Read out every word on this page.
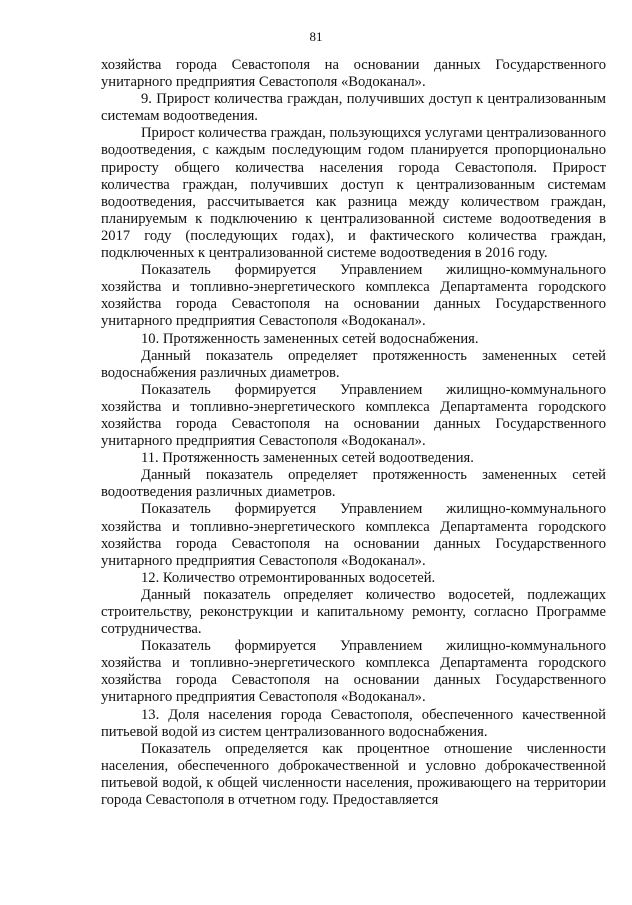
81

хозяйства города Севастополя на основании данных Государственного унитарного предприятия Севастополя «Водоканал».

9. Прирост количества граждан, получивших доступ к централизованным системам водоотведения.

Прирост количества граждан, пользующихся услугами централизованного водоотведения, с каждым последующим годом планируется пропорционально приросту общего количества населения города Севастополя. Прирост количества граждан, получивших доступ к централизованным системам водоотведения, рассчитывается как разница между количеством граждан, планируемым к подключению к централизованной системе водоотведения в 2017 году (последующих годах), и фактического количества граждан, подключенных к централизованной системе водоотведения в 2016 году.

Показатель формируется Управлением жилищно-коммунального хозяйства и топливно-энергетического комплекса Департамента городского хозяйства города Севастополя на основании данных Государственного унитарного предприятия Севастополя «Водоканал».

10. Протяженность замененных сетей водоснабжения.

Данный показатель определяет протяженность замененных сетей водоснабжения различных диаметров.

Показатель формируется Управлением жилищно-коммунального хозяйства и топливно-энергетического комплекса Департамента городского хозяйства города Севастополя на основании данных Государственного унитарного предприятия Севастополя «Водоканал».

11. Протяженность замененных сетей водоотведения.

Данный показатель определяет протяженность замененных сетей водоотведения различных диаметров.

Показатель формируется Управлением жилищно-коммунального хозяйства и топливно-энергетического комплекса Департамента городского хозяйства города Севастополя на основании данных Государственного унитарного предприятия Севастополя «Водоканал».

12. Количество отремонтированных водосетей.

Данный показатель определяет количество водосетей, подлежащих строительству, реконструкции и капитальному ремонту, согласно Программе сотрудничества.

Показатель формируется Управлением жилищно-коммунального хозяйства и топливно-энергетического комплекса Департамента городского хозяйства города Севастополя на основании данных Государственного унитарного предприятия Севастополя «Водоканал».

13. Доля населения города Севастополя, обеспеченного качественной питьевой водой из систем централизованного водоснабжения.

Показатель определяется как процентное отношение численности населения, обеспеченного доброкачественной и условно доброкачественной питьевой водой, к общей численности населения, проживающего на территории города Севастополя в отчетном году. Предоставляется
